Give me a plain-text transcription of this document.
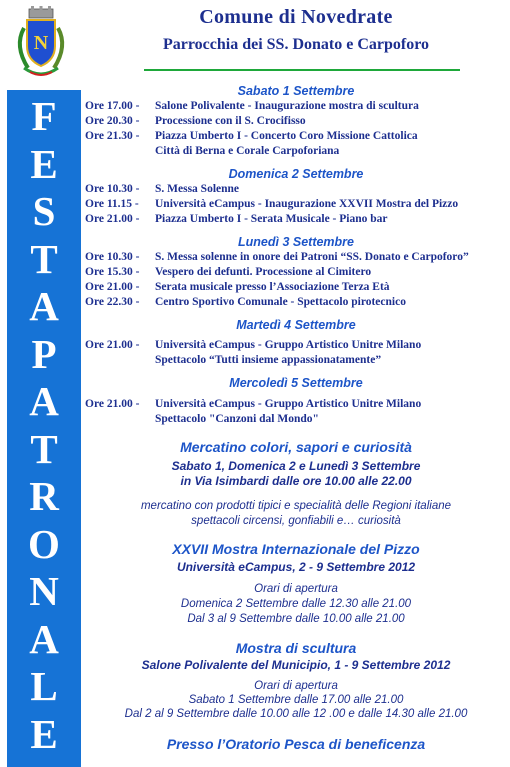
N
F
E
S
T
A
P
A
T
R
O
N
A
L
E
Comune di Novedrate
Parrocchia dei SS. Donato e Carpoforo
Sabato 1 Settembre
Ore 17.00 - Salone Polivalente - Inaugurazione mostra di scultura
Ore 20.30 - Processione con il S. Crocifisso
Ore 21.30 - Piazza Umberto I - Concerto Coro Missione Cattolica
Città di Berna e Corale Carpoforiana
Domenica 2 Settembre
Ore 10.30 - S. Messa Solenne
Ore 11.15 - Università eCampus - Inaugurazione XXVII Mostra del Pizzo
Ore 21.00 - Piazza Umberto I - Serata Musicale - Piano bar
Lunedì 3 Settembre
Ore 10.30 - S. Messa solenne in onore dei Patroni “SS. Donato e Carpoforo”
Ore 15.30 - Vespero dei defunti. Processione al Cimitero
Ore 21.00 - Serata musicale presso l’Associazione Terza Età
Ore 22.30 - Centro Sportivo Comunale - Spettacolo pirotecnico
Martedì 4 Settembre
Ore 21.00 - Università eCampus - Gruppo Artistico Unitre Milano
Spettacolo “Tutti insieme appassionatamente”
Mercoledì 5 Settembre
Ore 21.00 - Università eCampus - Gruppo Artistico Unitre Milano
Spettacolo "Canzoni dal Mondo"
Mercatino colori, sapori e curiosità
Sabato 1, Domenica 2 e Lunedì 3 Settembre
in Via Isimbardi dalle ore 10.00 alle 22.00
mercatino con prodotti tipici e specialità delle Regioni italiane
spettacoli circensi, gonfiabili e… curiosità
XXVII Mostra Internazionale del Pizzo
Università eCampus, 2 - 9 Settembre 2012
Orari di apertura
Domenica 2 Settembre dalle 12.30 alle 21.00
Dal 3 al 9 Settembre dalle 10.00 alle 21.00
Mostra di scultura
Salone Polivalente del Municipio, 1 - 9 Settembre 2012
Orari di apertura
Sabato 1 Settembre dalle 17.00 alle 21.00
Dal 2 al 9 Settembre dalle 10.00 alle 12 .00 e dalle 14.30 alle 21.00
Presso l’Oratorio Pesca di beneficenza
